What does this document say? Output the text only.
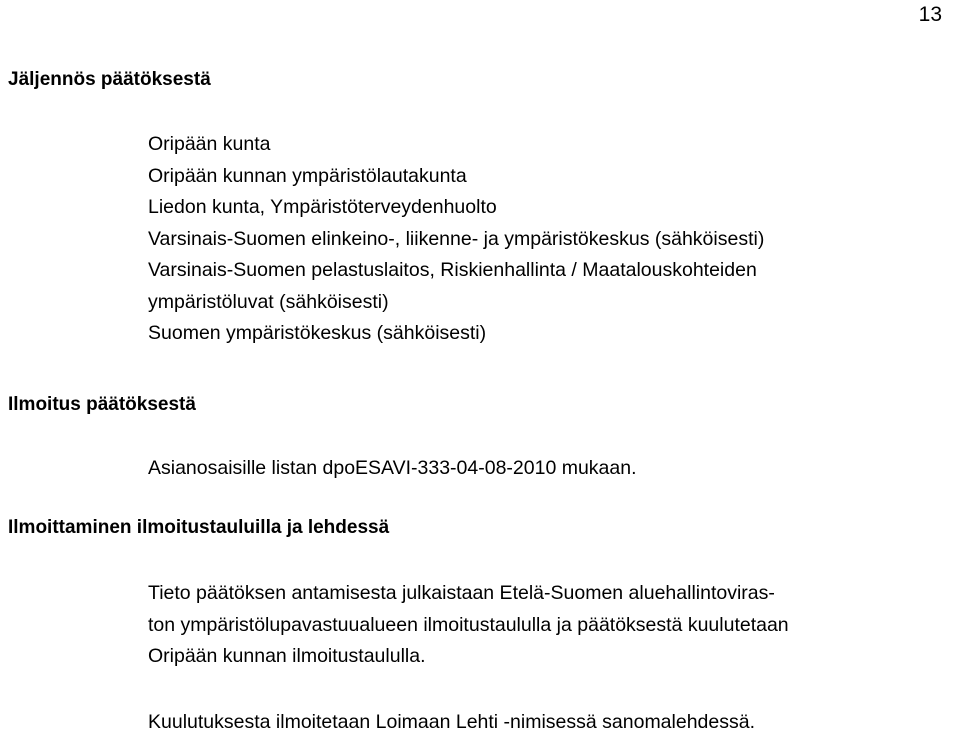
13
Jäljennös päätöksestä
Oripään kunta
Oripään kunnan ympäristölautakunta
Liedon kunta, Ympäristöterveydenhuolto
Varsinais-Suomen elinkeino-, liikenne- ja ympäristökeskus (sähköisesti)
Varsinais-Suomen pelastuslaitos, Riskienhallinta / Maatalouskohteiden
ympäristöluvat (sähköisesti)
Suomen ympäristökeskus (sähköisesti)
Ilmoitus päätöksestä
Asianosaisille listan dpoESAVI-333-04-08-2010 mukaan.
Ilmoittaminen ilmoitustauluilla ja lehdessä
Tieto päätöksen antamisesta julkaistaan Etelä-Suomen aluehallintoviras-
ton ympäristölupavastuualueen ilmoitustaululla ja päätöksestä kuulutetaan
Oripään kunnan ilmoitustaululla.
Kuulutuksesta ilmoitetaan Loimaan Lehti -nimisessä sanomalehdessä.
